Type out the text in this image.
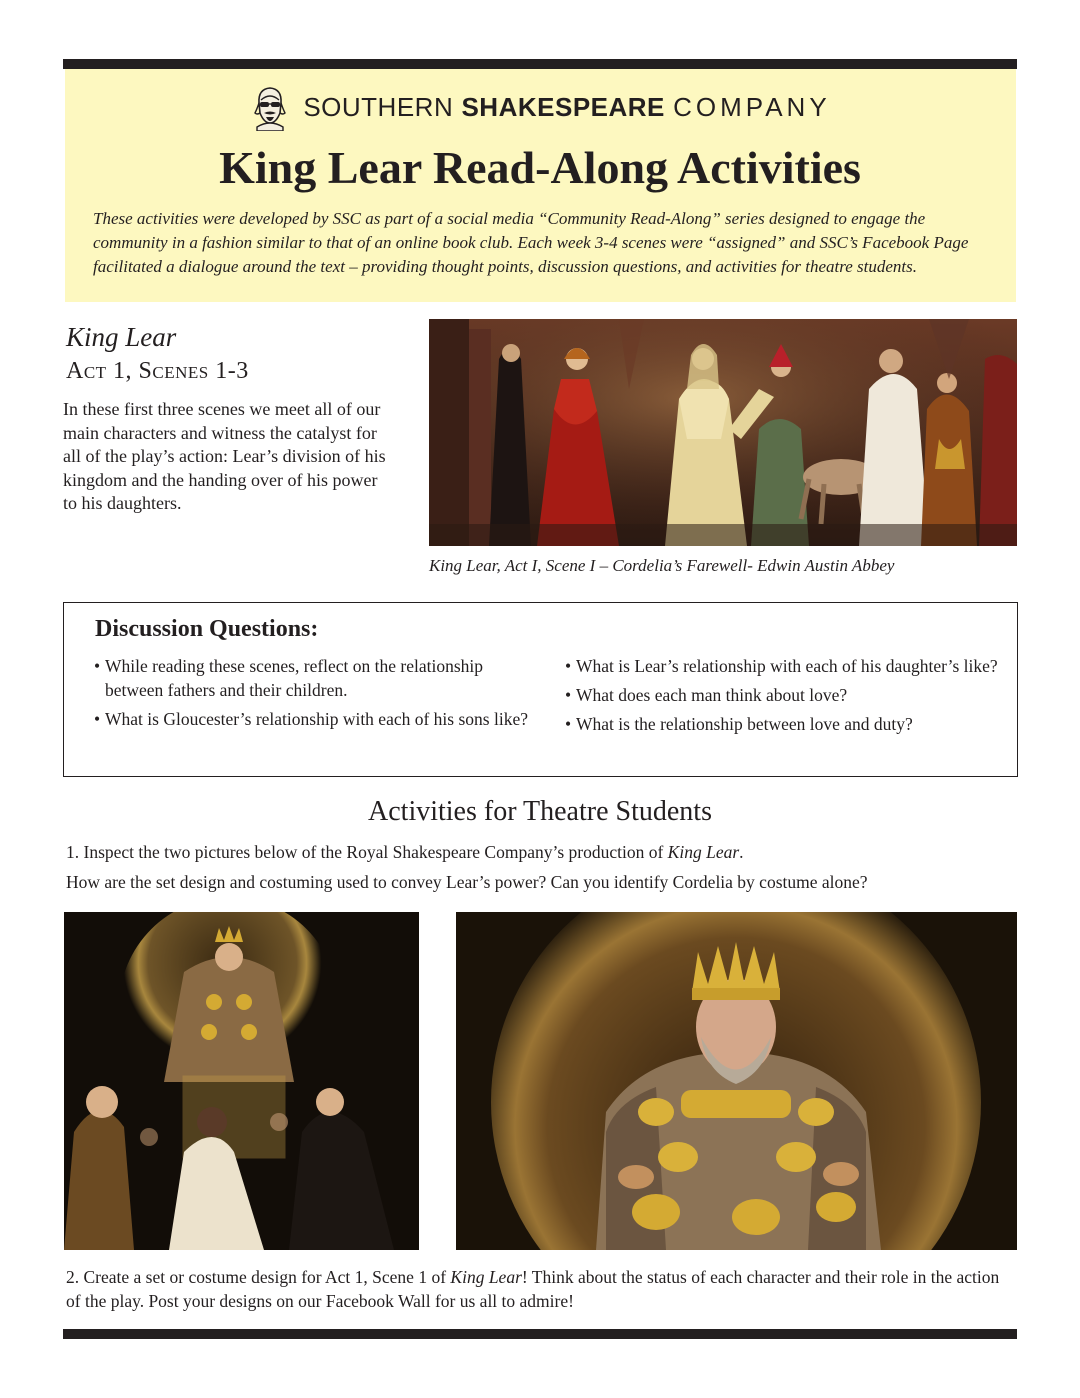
SOUTHERN SHAKESPEARE COMPANY
King Lear Read-Along Activities
These activities were developed by SSC as part of a social media “Community Read-Along” series designed to engage the community in a fashion similar to that of an online book club. Each week 3-4 scenes were “assigned” and SSC’s Facebook Page facilitated a dialogue around the text – providing thought points, discussion questions, and activities for theatre students.
King Lear
Act 1, Scenes 1-3
In these first three scenes we meet all of our main characters and witness the catalyst for all of the play’s action: Lear’s division of his kingdom and the handing over of his power to his daughters.
King Lear, Act I, Scene I – Cordelia’s Farewell- Edwin Austin Abbey
Discussion Questions:
• While reading these scenes, reflect on the relationship between fathers and their children.
• What is Gloucester’s relationship with each of his sons like?
• What is Lear’s relationship with each of his daughter’s like?
• What does each man think about love?
• What is the relationship between love and duty?
Activities for Theatre Students
1. Inspect the two pictures below of the Royal Shakespeare Company’s production of King Lear.
How are the set design and costuming used to convey Lear’s power? Can you identify Cordelia by costume alone?
2. Create a set or costume design for Act 1, Scene 1 of King Lear! Think about the status of each character and their role in the action of the play. Post your designs on our Facebook Wall for us all to admire!
